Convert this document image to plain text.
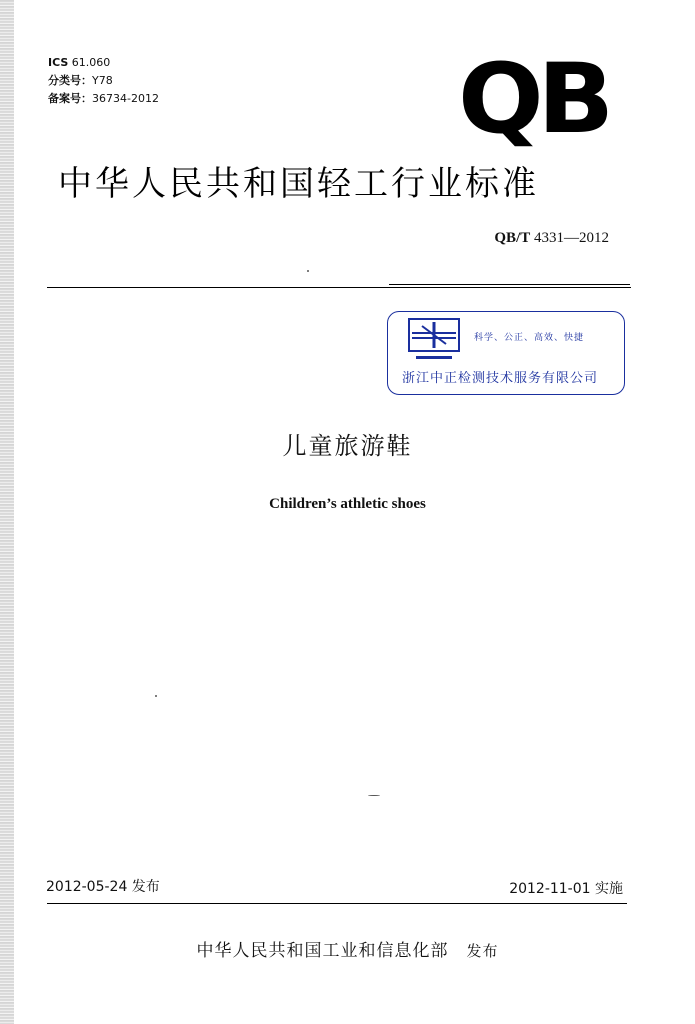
ICS 61.060
分类号：Y78
备案号：36734-2012	QB
中华人民共和国轻工行业标准
QB/T 4331—2012
科学、公正、高效、快捷
浙江中正检测技术服务有限公司
儿童旅游鞋
Children’s athletic shoes
2012-05-24 发布	2012-11-01 实施
中华人民共和国工业和信息化部 发布
